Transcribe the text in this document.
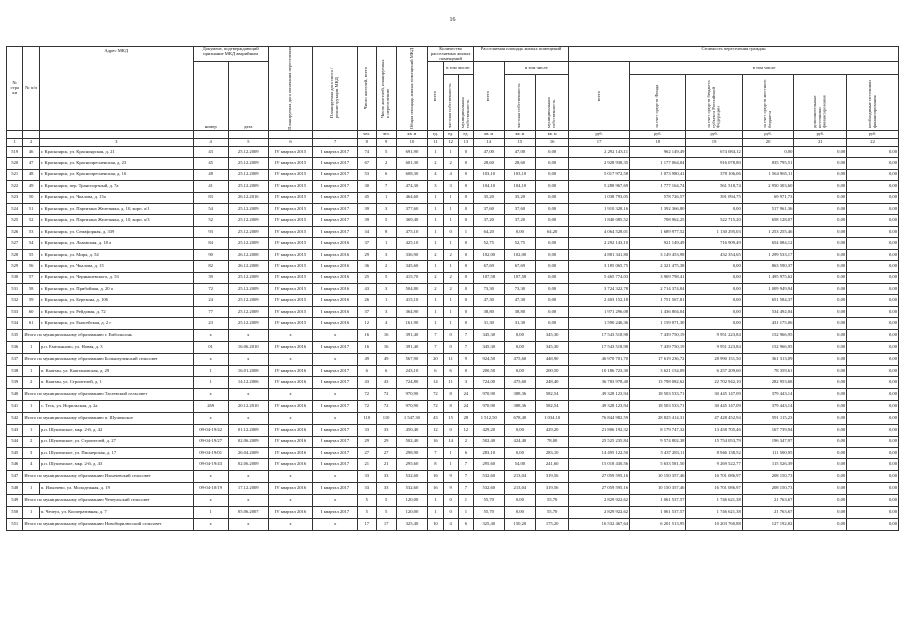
16
№ стра ки	№ п/п	Адрес МКД	Документ, подтверждающий признание МКД аварийным		Планируемая дата окончания переселения	Планируемая дата сноса / реконструкции МКД	Число жителей, всего	Число жителей, планируемых к переселению	Общая площадь жилых помещений МКД	Количество расселяемых жилых помещений			Расселяемая площадь жилых помещений			Стоимость переселения граждан					
			номер	дата						всего	в том числе:		всего	в том числе		всего	в том числе				

											частная собственность	муниципальная собственность		частная собственность	муниципальная собственность		за счет средств Фонда	за счет средств бюджета субъекта Российской Федерации	за счет средств местного бюджета	дополнительные источники финансирования	необходимые источники финансирования

							чел.	чел.	кв. м	ед.	ед.	ед.	кв. м	кв. м	кв. м	руб.	руб.	руб.	руб.	руб.	руб.
1	2	3	4	5	6	7	8	9	10	11	12	13	14	15	16	17	18	19	20	21	22
519	46	г. Красноярск, ул. Красноярская, д. 21	43	25.12.2009	IV квартал 2015	I квартал 2017	74	5	691,90	1	1	0	47,00	47,00	0,00	2 292 143,11	962 149,49	674 084,12	0,00	0,00	0,00
520	47	г. Красноярск, ул. Краснопресненская, д. 23	45	25.12.2009	IV квартал 2015	I квартал 2017	67	2	601,30	2	2	0	28,60	28,60	0,00	2 928 938,35	1 177 064,04	916 078,80	835 795,51	0,00	0,00
521	48	г. Красноярск, ул. Краснопресненская, д. 16	48	25.12.2009	IV квартал 2015	I квартал 2017	53	6	608,30	4	4	0	103,10	103,10	0,00	5 017 972,58	1 073 980,41	378 106,06	1 564 965,11	0,00	0,00
522	49	г. Красноярск, пер. Транспортный, д. 7а	41	25.12.2009	IV квартал 2015	I квартал 2017	30	7	474,30	3	3	0	104,10	104,10	0,00	5 288 967,69	1 777 164,74	561 518,74	2 950 303,60	0,00	0,00
523	50	г. Красноярск, ул. Чкалова, д. 15а	83	26.12.2016	IV квартал 2015	I квартал 2017	45	1	464,60	1	1	0	35,20	35,20	0,00	1 038 793,05	578 726,57	391 094,75	69 971,73	0,00	0,00
524	51	г. Красноярск, ул. Партизана Железняка, д. 10, корп. а/1	54	25.12.2009	IV квартал 2015	I квартал 2017	39	3	377,60	1	1	0	37,60	37,60	0,00	1 910 328,16	1 392 366,80	0,00	517 961,36	0,00	0,00
525	52	г. Красноярск, ул. Партизана Железняка, д. 10, корп. а/3	52	25.12.2009	IV квартал 2015	I квартал 2017	39	5	369,40	1	1	0	37,20	37,20	0,00	1 840 085,52	708 962,25	522 715,20	658 128,07	0,00	0,00
526	53	г. Красноярск, ул. Семафорная, д. 339	93	25.12.2009	IV квартал 2015	I квартал 2017	34	8	475,10	1	0	1	64,20	0,00	64,20	4 064 528,01	1 689 977,52	1 130 295,03	1 253 255,46	0,00	0,00
527	54	г. Красноярск, ул. Львовская, д. 18 а	84	25.12.2009	IV квартал 2015	I квартал 2016	37	1	425,10	1	1	0	52,75	52,75	0,00	2 292 143,10	921 149,49	716 909,49	654 084,12	0,00	0,00
528	55	г. Красноярск, ул. Мира, д. 54	90	26.12.2008	IV квартал 2015	I квартал 2016	29	3	336,90	2	2	0	102,00	102,00	0,00	4 881 341,80	3 149 453,98	432 354,65	1 299 533,17	0,00	0,00
529	56	г. Красноярск, ул. Чкалова, д. 15	82	26.12.2008	IV квартал 2015	I квартал 2016	36	2	345,60	1	1	0	67,69	67,69	0,00	3 185 065,75	2 321 475,38	0,00	863 590,37	0,00	0,00
530	57	г. Красноярск, ул. Чернышевского, д. 53	39	25.12.2009	IV квартал 2015	I квартал 2016	25	5	415,70	2	2	0	107,58	107,58	0,00	5 465 774,03	3 969 798,41	0,00	1 495 975,62	0,00	0,00
531	58	г. Красноярск, ул. Прибойная, д. 20 а	72	25.12.2009	IV квартал 2015	I квартал 2016	43	3	504,80	2	2	0	73,30	73,30	0,00	3 724 322,78	2 714 374,84	0,00	1 009 949,94	0,00	0,00
532	59	г. Красноярск, ул. Березина, д. 106	24	25.12.2009	IV квартал 2015	I квартал 2016	26	1	415,10	1	1	0	47,30	47,30	0,00	2 403 152,18	1 751 567,81	0,00	651 584,37	0,00	0,00
533	60	г. Красноярск, ул. Рейдовая, д. 72	77	25.12.2009	IV квартал 2015	I квартал 2016	37	3	364,90	1	1	0	38,80	38,80	0,00	1 971 296,08	1 436 804,04	0,00	534 492,04	0,00	0,00
534	61	г. Красноярск, ул. Енисейская, д. 2 г	23	25.12.2009	IV квартал 2015	I квартал 2016	12	4	161,90	1	1	0	31,30	31,30	0,00	1 590 246,36	1 159 071,30	0,00	431 175,06	0,00	0,00
535	Итого по муниципальному образованию г. Ембольсонь		x	x	x	x	16	16	391,40	7	0	7	345,30	0,00	345,30	17 543 518,98	7 439 750,19	9 951 223,84	152 966,95	0,00	0,00
536	1	р.п. Емельяново, ул. Новая, д. 3	01	16.06.2010	IV квартал 2016	I квартал 2017	16	16	391,40	7	0	7	345,30	0,00	345,30	17 543 518,98	7 439 750,19	9 951 223,84	152 966,95	0,00	0,00
537	Итого по муниципальному образованию Большеуленский сельсовет		x	x	x	x	49	49	567,90	20	11	9	924,50	475,60	448,90	46 970 701,70	17 619 236,72	28 990 151,50	361 313,09	0,00	0,00
538	1	п. Каштан, ул. Каштановская, д. 29	1	16.01.2008	IV квартал 2016	I квартал 2017	6	6	243,10	6	6	0	200,50	0,00	200,50	10 186 723,30	3 621 154,09	6 257 209,60	78 359,61	0,00	0,00
539	2	п. Каштан, ул. Строителей, д. 1	1	14.12.2006	IV квартал 2016	I квартал 2017	43	43	724,80	14	11	3	724,00	475,60	248,40	36 783 978,40	13 798 082,62	22 702 942,10	282 953,68	0,00	0,00
540	Итого по муниципальному образованию Тасеевский сельсовет		x	x	x	x	72	72	970,90	72	8	24	970,90	388,36	582,54	49 328 123,94	18 503 533,71	30 445 147,09	379 443,14	0,00	0,00
541	1	с. Тесь, ул. Норильская, д. 2а	269	20.12.2010	IV квартал 2016	I квартал 2017	72	72	970,90	72	8	24	970,90	388,36	582,54	49 328 123,94	18 503 533,71	30 445 147,09	379 443,14	0,00	0,00
542	Итого по муниципальному образованию п. Шушенское		x	x	x	x	110	110	1 547,30	43	15	28	1 512,50	678,40	1 034,10	76 844 982,59	28 825 414,31	47 428 452,94	591 115,23	0,00	0,00
543	1	р.п. Шушенское, мкр. 2-й, д. 42	09-04-19/42	01.12.2009	IV квартал 2016	I квартал 2017	33	33	450,40	12	0	12	429,20	0,00	429,20	21 806 192,32	8 179 747,32	13 458 705,46	167 739,94	0,00	0,00
544	2	р.п. Шушенское, ул. Строителей, д. 27	09-04-19/27	02.06.2009	IV квартал 2016	I квартал 2017	29	29	502,40	16	14	2	502,40	424,40	78,00	25 525 235,84	9 574 802,38	15 754 053,79	196 347,97	0,00	0,00
545	3	р.п. Шушенское, ул. Пионерская, д. 17	09-04-19/01	26.04.2009	IV квартал 2016	I квартал 2017	27	27	298,90	7	1	6	283,10	0,00	283,10	14 495 122,50	5 437 283,11	8 946 138,52	111 500,95	0,00	0,00
546	4	р.п. Шушенское, мкр. 2-й, д. 43	09-04-19/43	02.06.2009	IV квартал 2016	I квартал 2017	21	21	295,60	8	1	7	295,60	54,00	241,60	15 018 430,56	5 633 581,50	9 269 522,77	115 526,39	0,00	0,00
547	Итого по муниципальному образованию Ильичевский сельсовет		x	x	x	x	33	33	532,60	16	9	7	532,60	213,04	319,56	27 059 595,16	10 150 357,46	16 701 086,97	208 150,73	0,00	0,00
548	1	п. Ильичево, ул. Молодежная, д. 19	09-04-10/19	17.12.2009	IV квартал 2016	I квартал 2017	33	33	532,60	16	9	7	532,60	213,04	319,56	27 059 595,16	10 150 357,46	16 701 086,97	208 150,73	0,00	0,00
549	Итого по муниципальному образованию Чечеульский сельсовет		x	x	x	x	5	5	120,00	1	0	1	55,70	0,00	55,70	2 829 922,62	1 061 537,57	1 746 621,38	21 763,67	0,00	0,00
550	1	п. Чечеул, ул. Кооперативная, д. 7	1	05.06.2007	IV квартал 2016	I квартал 2017	5	5	120,00	1	0	1	55,70	0,00	55,70	2 829 922,62	1 061 537,57	1 746 621,38	21 763,67	0,00	0,00
551	Итого по муниципальному образованию Новобирилюсский сельсовет		x	x	x	x	17	17	325,40	10	4	6	325,40	150,20	175,20	16 532 467,64	6 201 513,95	10 203 760,88	127 192,82	0,00	0,00
